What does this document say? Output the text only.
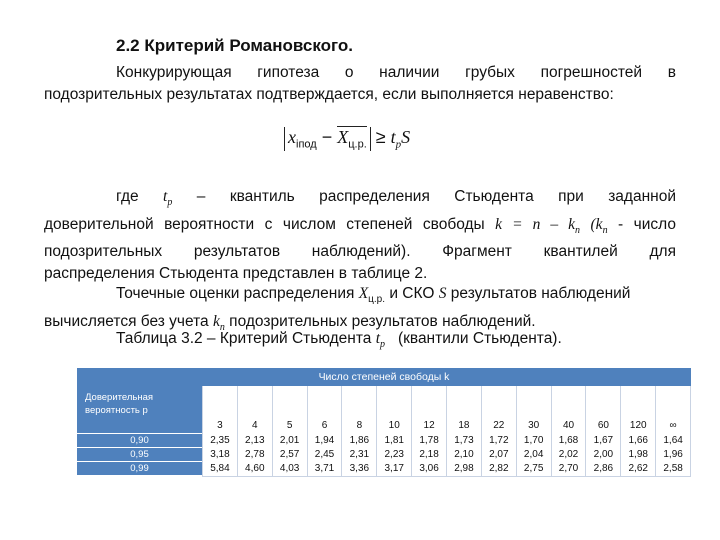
2.2 Критерий Романовского.
Конкурирующая гипотеза о наличии грубых погрешностей в
подозрительных результатах подтверждается, если выполняется неравенство:
$x_{iпод} - X_{ц.р.} \ge t_pS$
где $t_p$ – квантиль распределения Стьюдента при заданной
доверительной вероятности с числом степеней свободы $k = n - k_n$ ($k_n$ - число
подозрительных результатов наблюдений). Фрагмент квантилей для
распределения Стьюдента представлен в таблице 2.
Точечные оценки распределения $X_{ц.р.}$ и СКО S результатов наблюдений
вычисляется без учета $k_n$ подозрительных результатов наблюдений.
Таблица 3.2 – Критерий Стьюдента $t_p$ (квантили Стьюдента).
Число степеней свободы k
Доверительная вероятность p
3	4	5	6	8	10	12	18	22	30	40	60	120	∞
0,90	2,35	2,13	2,01	1,94	1,86	1,81	1,78	1,73	1,72	1,70	1,68	1,67	1,66	1,64
0,95	3,18	2,78	2,57	2,45	2,31	2,23	2,18	2,10	2,07	2,04	2,02	2,00	1,98	1,96
0,99	5,84	4,60	4,03	3,71	3,36	3,17	3,06	2,98	2,82	2,75	2,70	2,86	2,62	2,58
